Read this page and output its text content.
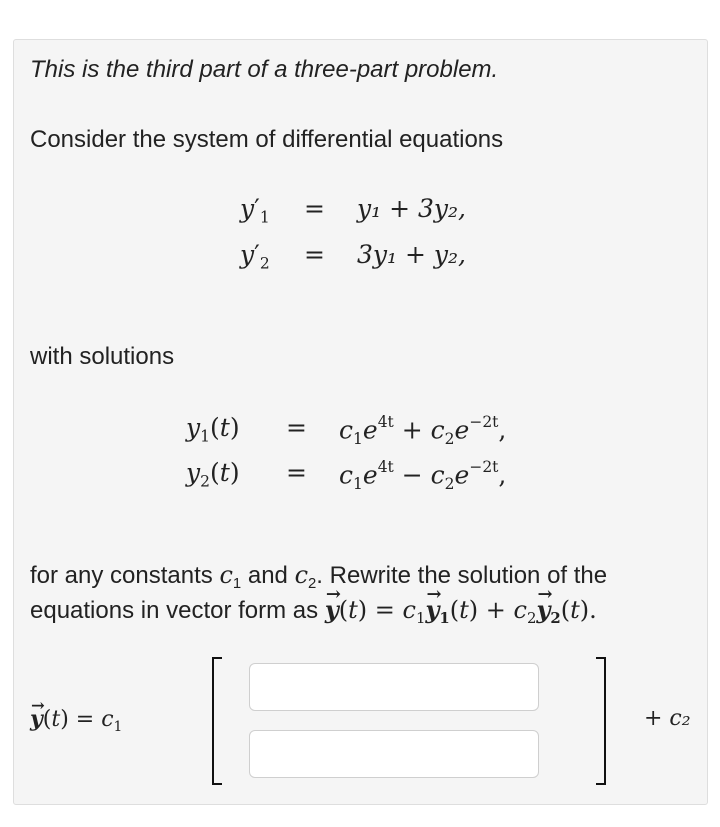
This is the third part of a three-part problem.
Consider the system of differential equations
$y'_1 = y_1 + 3y_2$,
$y'_2 = 3y_1 + y_2$,
with solutions
$y_1(t) = c_1e^{4t} + c_2e^{-2t}$,
$y_2(t) = c_1e^{4t} - c_2e^{-2t}$,
for any constants $c_1$ and $c_2$. Rewrite the solution of the
equations in vector form as → $y(t) = c_1\to y_1(t) + c_2\to y_2(t)$.
→ $y(t) = c_1$	+ c₂
